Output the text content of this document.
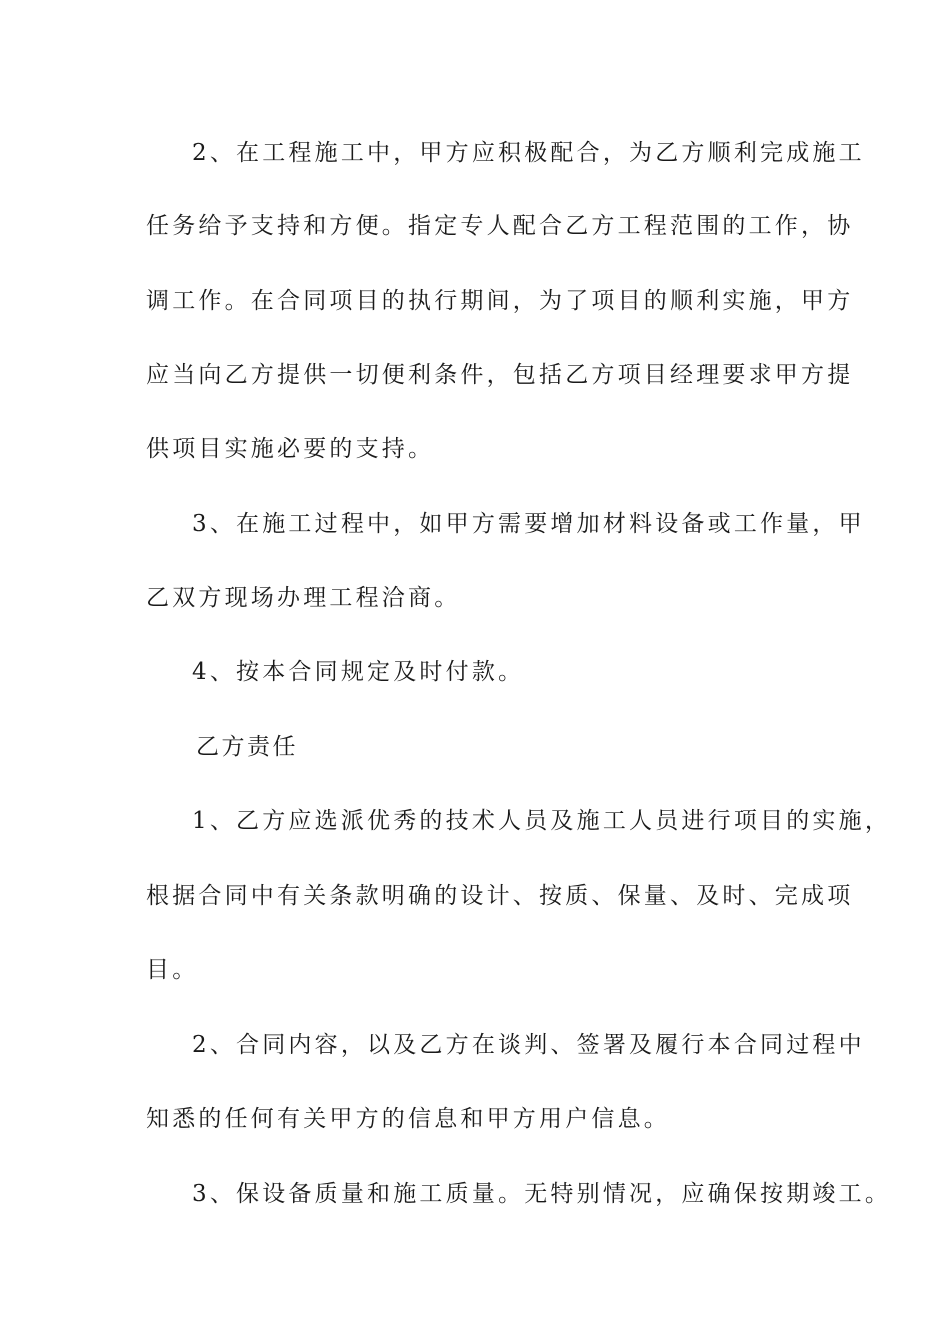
2、在工程施工中，甲方应积极配合，为乙方顺利完成施工
任务给予支持和方便。指定专人配合乙方工程范围的工作，协
调工作。在合同项目的执行期间，为了项目的顺利实施，甲方
应当向乙方提供一切便利条件，包括乙方项目经理要求甲方提
供项目实施必要的支持。
3、在施工过程中，如甲方需要增加材料设备或工作量，甲
乙双方现场办理工程洽商。
4、按本合同规定及时付款。
乙方责任
1、乙方应选派优秀的技术人员及施工人员进行项目的实施，
根据合同中有关条款明确的设计、按质、保量、及时、完成项
目。
2、合同内容，以及乙方在谈判、签署及履行本合同过程中
知悉的任何有关甲方的信息和甲方用户信息。
3、保设备质量和施工质量。无特别情况，应确保按期竣工。
